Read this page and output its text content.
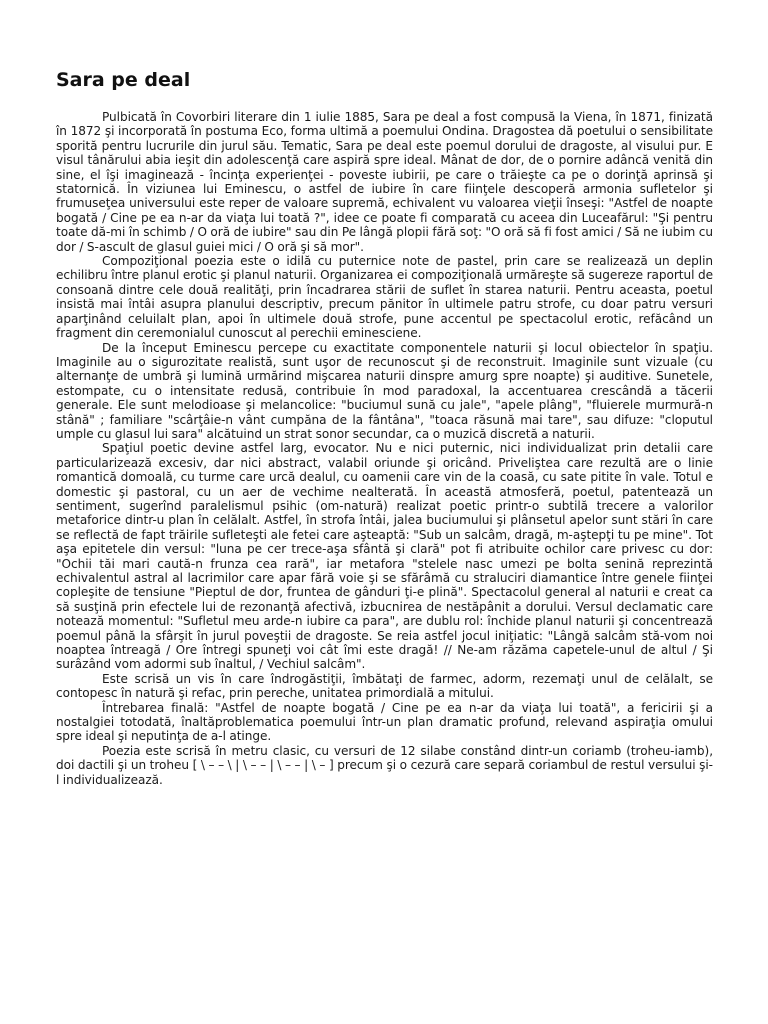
Sara pe deal

Pulbicată în Covorbiri literare din 1 iulie 1885, Sara pe deal a fost compusă la Viena, în 1871, finizată în 1872 şi incorporată în postuma Eco, forma ultimă a poemului Ondina. Dragostea dă poetului o sensibilitate sporită pentru lucrurile din jurul său. Tematic, Sara pe deal este poemul dorului de dragoste, al visului pur. E visul tânărului abia ieşit din adolescenţă care aspiră spre ideal. Mânat de dor, de o pornire adâncă venită din sine, el îşi imaginează - încinţa experienţei - poveste iubirii, pe care o trăieşte ca pe o dorinţă aprinsă şi statornică. În viziunea lui Eminescu, o astfel de iubire în care fiinţele descoperă armonia sufletelor şi frumuseţea universului este reper de valoare supremă, echivalent vu valoarea vieţii înseşi: "Astfel de noapte bogată / Cine pe ea n-ar da viaţa lui toată ?", idee ce poate fi comparată cu aceea din Luceafărul: "Şi pentru toate dă-mi în schimb / O oră de iubire" sau din Pe lângă plopii fără soţ: "O oră să fi fost amici / Să ne iubim cu dor / S-ascult de glasul guiei mici / O oră şi să mor".

Compoziţional poezia este o idilă cu puternice note de pastel, prin care se realizează un deplin echilibru între planul erotic şi planul naturii. Organizarea ei compoziţională urmăreşte să sugereze raportul de consoană dintre cele două realităţi, prin încadrarea stării de suflet în starea naturii. Pentru aceasta, poetul insistă mai întâi asupra planului descriptiv, precum pănitor în ultimele patru strofe, cu doar patru versuri aparţinând celuilalt plan, apoi în ultimele două strofe, pune accentul pe spectacolul erotic, refăcând un fragment din ceremonialul cunoscut al perechii eminesciene.

De la început Eminescu percepe cu exactitate componentele naturii şi locul obiectelor în spaţiu. Imaginile au o sigurozitate realistă, sunt uşor de recunoscut şi de reconstruit. Imaginile sunt vizuale (cu alternanţe de umbră şi lumină urmărind mişcarea naturii dinspre amurg spre noapte) şi auditive. Sunetele, estompate, cu o intensitate redusă, contribuie în mod paradoxal, la accentuarea crescândă a tăcerii generale. Ele sunt melodioase şi melancolice: "buciumul sună cu jale", "apele plâng", "fluierele murmură-n stână" ; familiare "scârţâie-n vânt cumpăna de la fântâna", "toaca răsună mai tare", sau difuze: "cloputul umple cu glasul lui sara" alcătuind un strat sonor secundar, ca o muzică discretă a naturii.

Spaţiul poetic devine astfel larg, evocator. Nu e nici puternic, nici individualizat prin detalii care particularizează excesiv, dar nici abstract, valabil oriunde şi oricând. Priveliştea care rezultă are o linie romantică domoală, cu turme care urcă dealul, cu oamenii care vin de la coasă, cu sate pitite în vale. Totul e domestic şi pastoral, cu un aer de vechime nealterată. În această atmosferă, poetul, patentează un sentiment, sugerînd paralelismul psihic (om-natură) realizat poetic printr-o subtilă trecere a valorilor metaforice dintr-u plan în celălalt. Astfel, în strofa întâi, jalea buciumului şi plânsetul apelor sunt stări în care se reflectă de fapt trăirile sufleteşti ale fetei care aşteaptă: "Sub un salcâm, dragă, m-aştepţi tu pe mine". Tot aşa epitetele din versul: "luna pe cer trece-aşa sfântă şi clară" pot fi atribuite ochilor care privesc cu dor: "Ochii tăi mari caută-n frunza cea rară", iar metafora "stelele nasc umezi pe bolta senină reprezintă echivalentul astral al lacrimilor care apar fără voie şi se sfărâmă cu straluciri diamantice între genele fiinţei copleşite de tensiune "Pieptul de dor, fruntea de gânduri ţi-e plină". Spectacolul general al naturii e creat ca să susţină prin efectele lui de rezonanţă afectivă, izbucnirea de nestăpânit a dorului. Versul declamatic care notează momentul: "Sufletul meu arde-n iubire ca para", are dublu rol: închide planul naturii şi concentrează poemul până la sfârşit în jurul poveştii de dragoste. Se reia astfel jocul iniţiatic: "Lângă salcâm stă-vom noi noaptea întreagă / Ore întregi spuneţi voi cât îmi este dragă! // Ne-am răzăma capetele-unul de altul / Şi surâzând vom adormi sub înaltul, / Vechiul salcâm".

Este scrisă un vis în care îndrogăstiţii, îmbătaţi de farmec, adorm, rezemaţi unul de celălalt, se contopesc în natură şi refac, prin pereche, unitatea primordială a mitului.

Întrebarea finală: "Astfel de noapte bogată / Cine pe ea n-ar da viaţa lui toată", a fericirii şi a nostalgiei totodată, înaltăproblematica poemului într-un plan dramatic profund, relevand aspiraţia omului spre ideal şi neputinţa de a-l atinge.

Poezia este scrisă în metru clasic, cu versuri de 12 silabe constând dintr-un coriamb (troheu-iamb), doi dactili şi un troheu [ \ – – \ | \ – – | \ – – | \ – ] precum şi o cezură care separă coriambul de restul versului şi-l individualizează.
